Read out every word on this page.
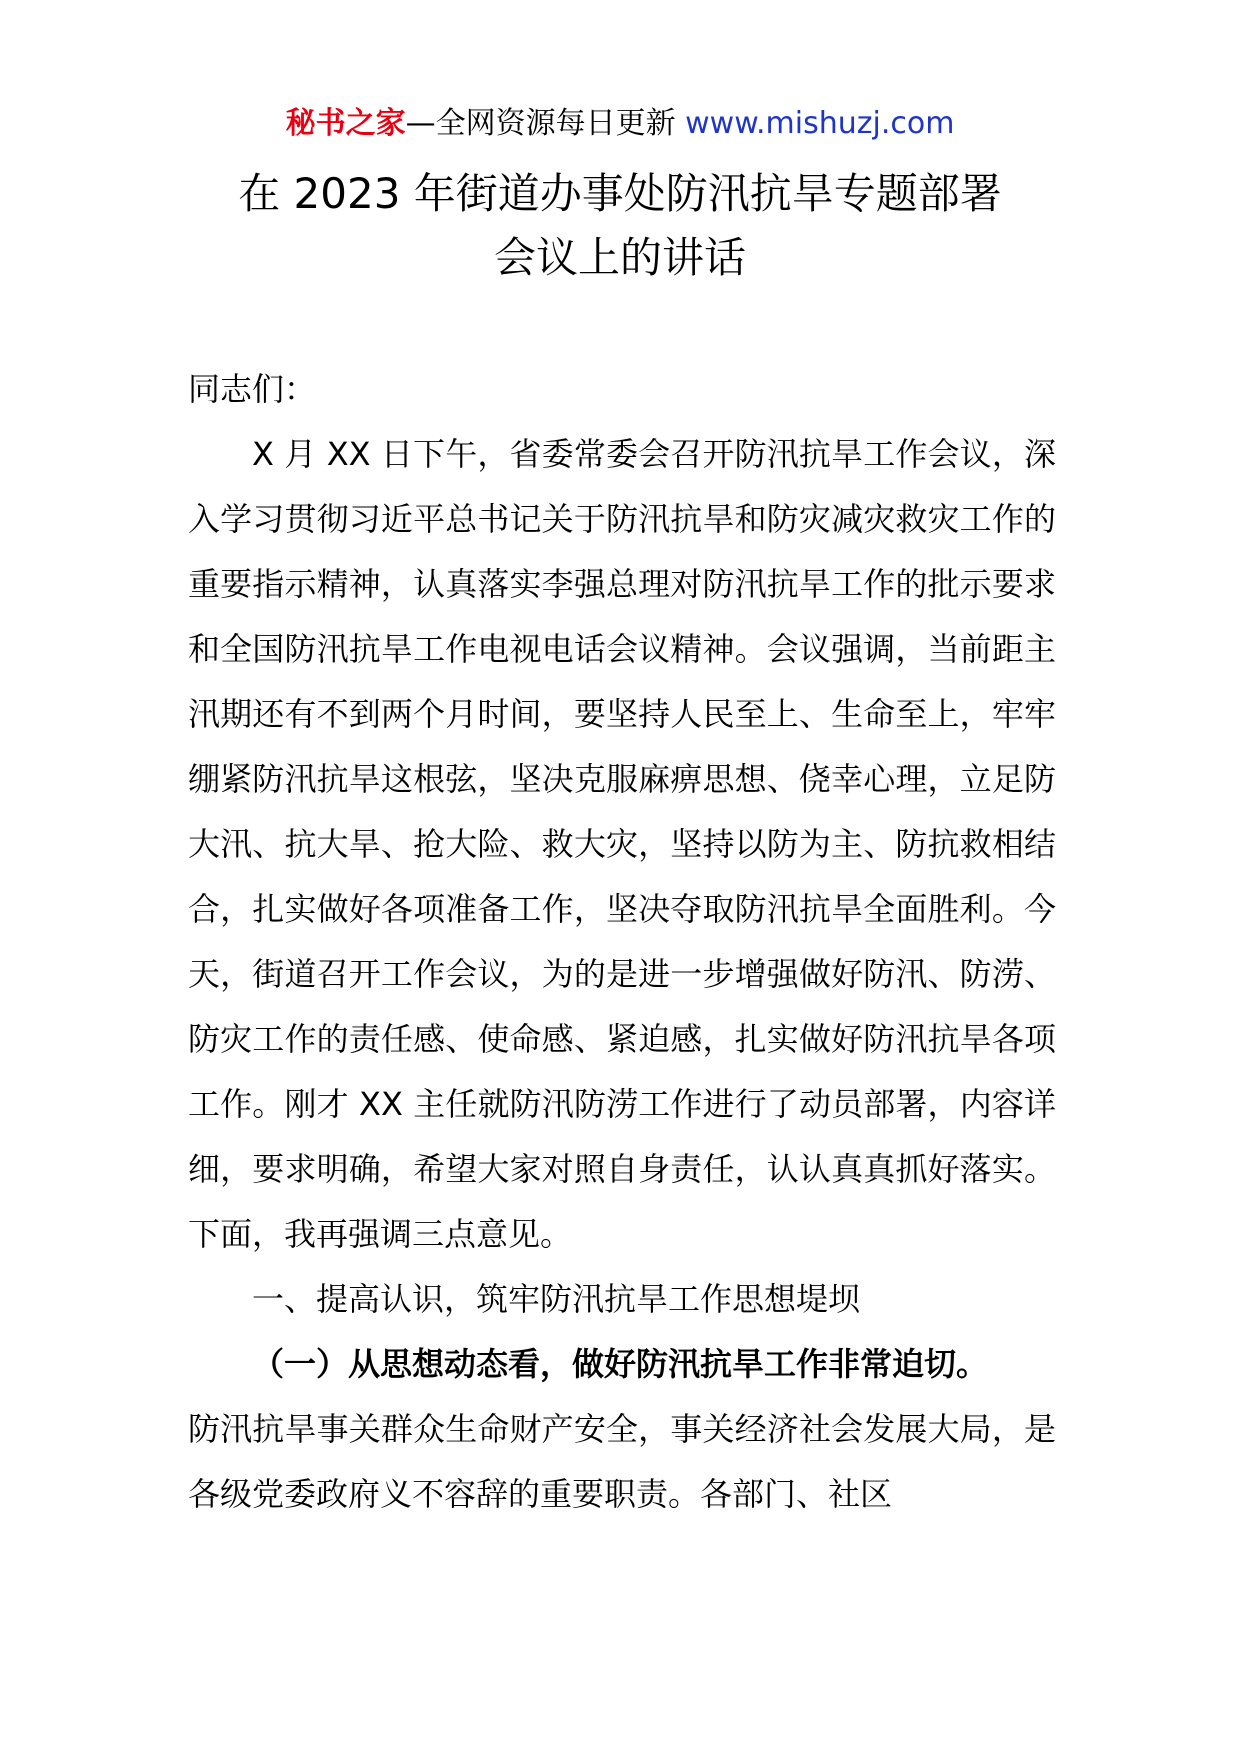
秘书之家—全网资源每日更新 www.mishuzj.com
在 2023 年街道办事处防汛抗旱专题部署
会议上的讲话

同志们：

X 月 XX 日下午，省委常委会召开防汛抗旱工作会议，深入学习贯彻习近平总书记关于防汛抗旱和防灾减灾救灾工作的重要指示精神，认真落实李强总理对防汛抗旱工作的批示要求和全国防汛抗旱工作电视电话会议精神。会议强调，当前距主汛期还有不到两个月时间，要坚持人民至上、生命至上，牢牢绷紧防汛抗旱这根弦，坚决克服麻痹思想、侥幸心理，立足防大汛、抗大旱、抢大险、救大灾，坚持以防为主、防抗救相结合，扎实做好各项准备工作，坚决夺取防汛抗旱全面胜利。今天，街道召开工作会议，为的是进一步增强做好防汛、防涝、防灾工作的责任感、使命感、紧迫感，扎实做好防汛抗旱各项工作。刚才 XX 主任就防汛防涝工作进行了动员部署，内容详细，要求明确，希望大家对照自身责任，认认真真抓好落实。下面，我再强调三点意见。

一、提高认识，筑牢防汛抗旱工作思想堤坝

（一）从思想动态看，做好防汛抗旱工作非常迫切。

防汛抗旱事关群众生命财产安全，事关经济社会发展大局，是各级党委政府义不容辞的重要职责。各部门、社区
